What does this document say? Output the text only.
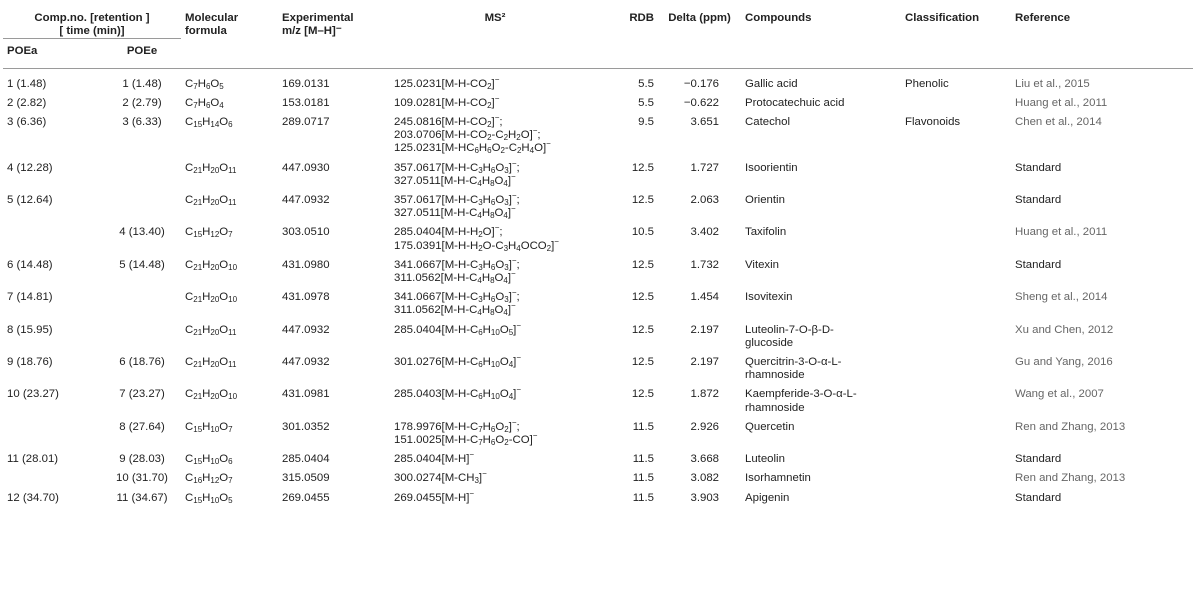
Comp.no. [retention ]
[ time (min)]		Molecular
formula	Experimental
m/z [M–H]⁻	MS²	RDB	Delta (ppm)	Compounds	Classification	Reference
POEa	POEe								
1 (1.48)	1 (1.48)	$C_7H_6O_5$	169.0131	$125.0231[M-H-CO_2]^-$	5.5	−0.176	Gallic acid	Phenolic	Liu et al., 2015
2 (2.82)	2 (2.79)	$C_7H_6O_4$	153.0181	$109.0281[M-H-CO_2]^-$	5.5	−0.622	Protocatechuic acid		Huang et al., 2011
3 (6.36)	3 (6.33)	$C_{15}H_{14}O_6$	289.0717	$245.0816[M-H-CO_2]^-$;
$203.0706[M-H-CO_2-C_2H_2O]^-$;
$125.0231[M-HC_6H_6O_2-C_2H_4O]^-$	9.5	3.651	Catechol	Flavonoids	Chen et al., 2014
4 (12.28)		$C_{21}H_{20}O_{11}$	447.0930	$357.0617[M-H-C_3H_6O_3]^-$;
$327.0511[M-H-C_4H_8O_4]^-$	12.5	1.727	Isoorientin		Standard
5 (12.64)		$C_{21}H_{20}O_{11}$	447.0932	$357.0617[M-H-C_3H_6O_3]^-$;
$327.0511[M-H-C_4H_8O_4]^-$	12.5	2.063	Orientin		Standard
	4 (13.40)	$C_{15}H_{12}O_7$	303.0510	$285.0404[M-H-H_2O]^-$;
$175.0391[M-H-H_2O-C_3H_4OCO_2]^-$	10.5	3.402	Taxifolin		Huang et al., 2011
6 (14.48)	5 (14.48)	$C_{21}H_{20}O_{10}$	431.0980	$341.0667[M-H-C_3H_6O_3]^-$;
$311.0562[M-H-C_4H_8O_4]^-$	12.5	1.732	Vitexin		Standard
7 (14.81)		$C_{21}H_{20}O_{10}$	431.0978	$341.0667[M-H-C_3H_6O_3]^-$;
$311.0562[M-H-C_4H_8O_4]^-$	12.5	1.454	Isovitexin		Sheng et al., 2014
8 (15.95)		$C_{21}H_{20}O_{11}$	447.0932	$285.0404[M-H-C_6H_{10}O_5]^-$	12.5	2.197	Luteolin-7-O-β-D-
glucoside		Xu and Chen, 2012
9 (18.76)	6 (18.76)	$C_{21}H_{20}O_{11}$	447.0932	$301.0276[M-H-C_6H_{10}O_4]^-$	12.5	2.197	Quercitrin-3-O-α-L-
rhamnoside		Gu and Yang, 2016
10 (23.27)	7 (23.27)	$C_{21}H_{20}O_{10}$	431.0981	$285.0403[M-H-C_6H_{10}O_4]^-$	12.5	1.872	Kaempferide-3-O-α-L-
rhamnoside		Wang et al., 2007
	8 (27.64)	$C_{15}H_{10}O_7$	301.0352	$178.9976[M-H-C_7H_6O_2]^-$;
$151.0025[M-H-C_7H_6O_2-CO]^-$	11.5	2.926	Quercetin		Ren and Zhang, 2013
11 (28.01)	9 (28.03)	$C_{15}H_{10}O_6$	285.0404	285.0404[M-H]−	11.5	3.668	Luteolin		Standard
	10 (31.70)	$C_{16}H_{12}O_7$	315.0509	$300.0274[M-CH_3]^-$	11.5	3.082	Isorhamnetin		Ren and Zhang, 2013
12 (34.70)	11 (34.67)	$C_{15}H_{10}O_5$	269.0455	269.0455[M-H]−	11.5	3.903	Apigenin		Standard
